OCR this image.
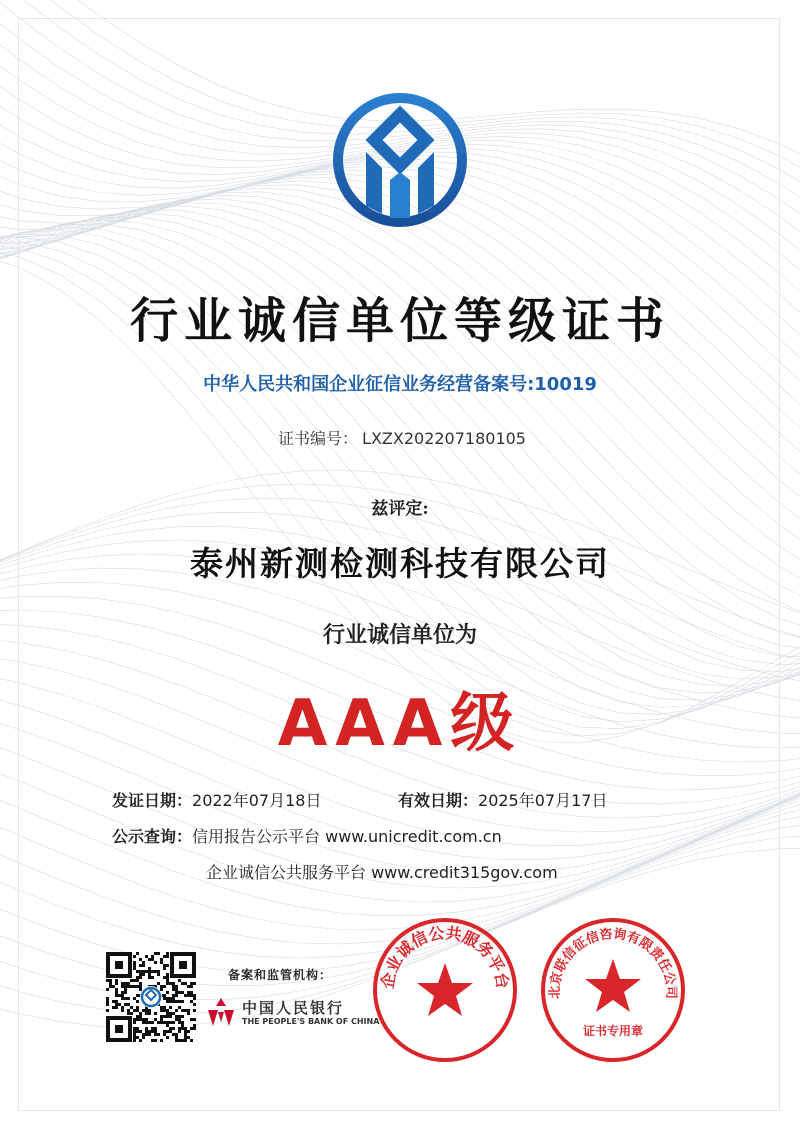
行业诚信单位等级证书
中华人民共和国企业征信业务经营备案号:10019
证书编号： LXZX202207180105
兹评定:
泰州新测检测科技有限公司
行业诚信单位为
AAA级
发证日期：2022年07月18日	有效日期：2025年07月17日
公示查询：信用报告公示平台 www.unicredit.com.cn
企业诚信公共服务平台 www.credit315gov.com
备案和监管机构：
中国人民银行
THE PEOPLE'S BANK OF CHINA
企业诚信公共服务平台
北京联信征信咨询有限责任公司
证书专用章
